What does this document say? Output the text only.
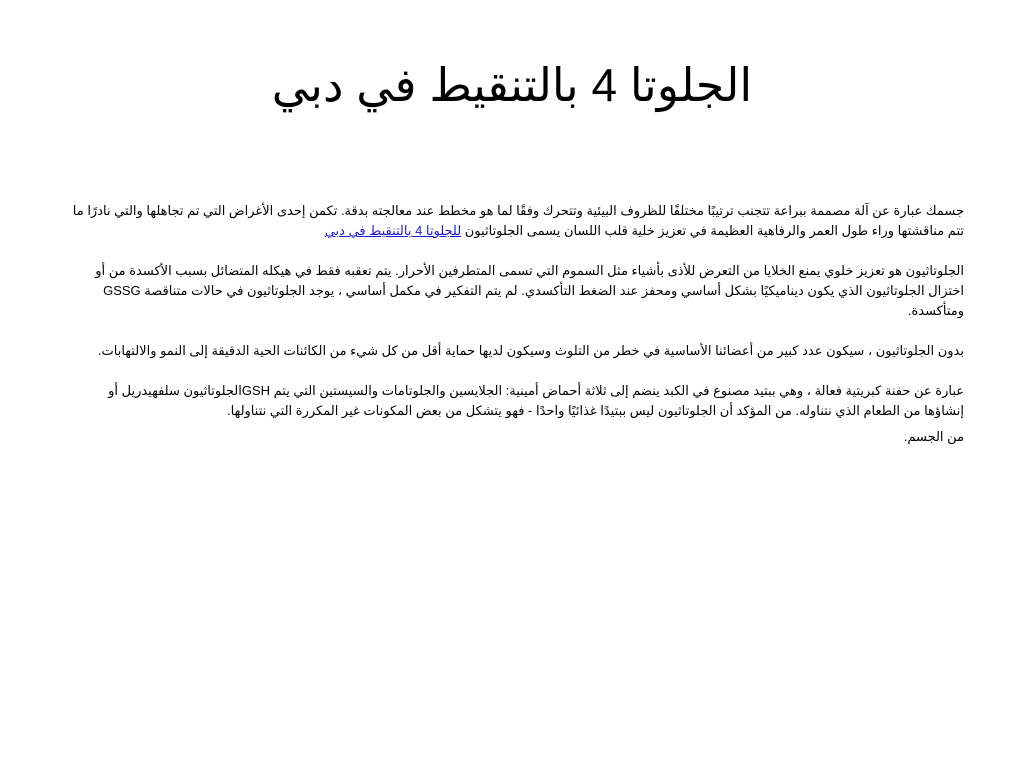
الجلوتا 4 بالتنقيط في دبي

جسمك عبارة عن آلة مصممة ببراعة تتجنب ترتيبًا مختلفًا للظروف البيئية وتتحرك وفقًا لما هو مخطط عند معالجته بدقة. تكمن إحدى الأغراض التي تم تجاهلها والتي نادرًا ما تتم مناقشتها وراء طول العمر والرفاهية العظيمة في تعزيز خلية قلب اللسان يسمى الجلوتاثيون للجلوتا 4 بالتنقيط في دبي

الجلوتاثيون هو تعزيز خلوي يمنع الخلايا من التعرض للأذى بأشياء مثل السموم التي تسمى المتطرفين الأحرار. يتم تعقبه فقط في هيكله المتضائل بسبب الأكسدة من أو اختزال الجلوتاثيون الذي يكون ديناميكيًا بشكل أساسي ومحفز عند الضغط التأكسدي. لم يتم التفكير في مكمل أساسي ، يوجد الجلوتاثيون في حالات متناقصة GSSG ومتأكسدة.

بدون الجلوتاثيون ، سيكون عدد كبير من أعضائنا الأساسية في خطر من التلوث وسيكون لديها حماية أقل من كل شيء من الكائنات الحية الدقيقة إلى النمو والالتهابات.

عبارة عن حفنة كبريتية فعالة ، وهي ببتيد مصنوع في الكبد ينضم إلى ثلاثة أحماض أمينية: الجلايسين والجلوتامات والسيستين التي يتم GSHالجلوتاثيون سلفهيدريل أو إنشاؤها من الطعام الذي نتناوله. من المؤكد أن الجلوتاثيون ليس ببتيدًا غذائيًا واحدًا - فهو يتشكل من بعض المكونات غير المكررة التي نتناولها.

من الجسم.
